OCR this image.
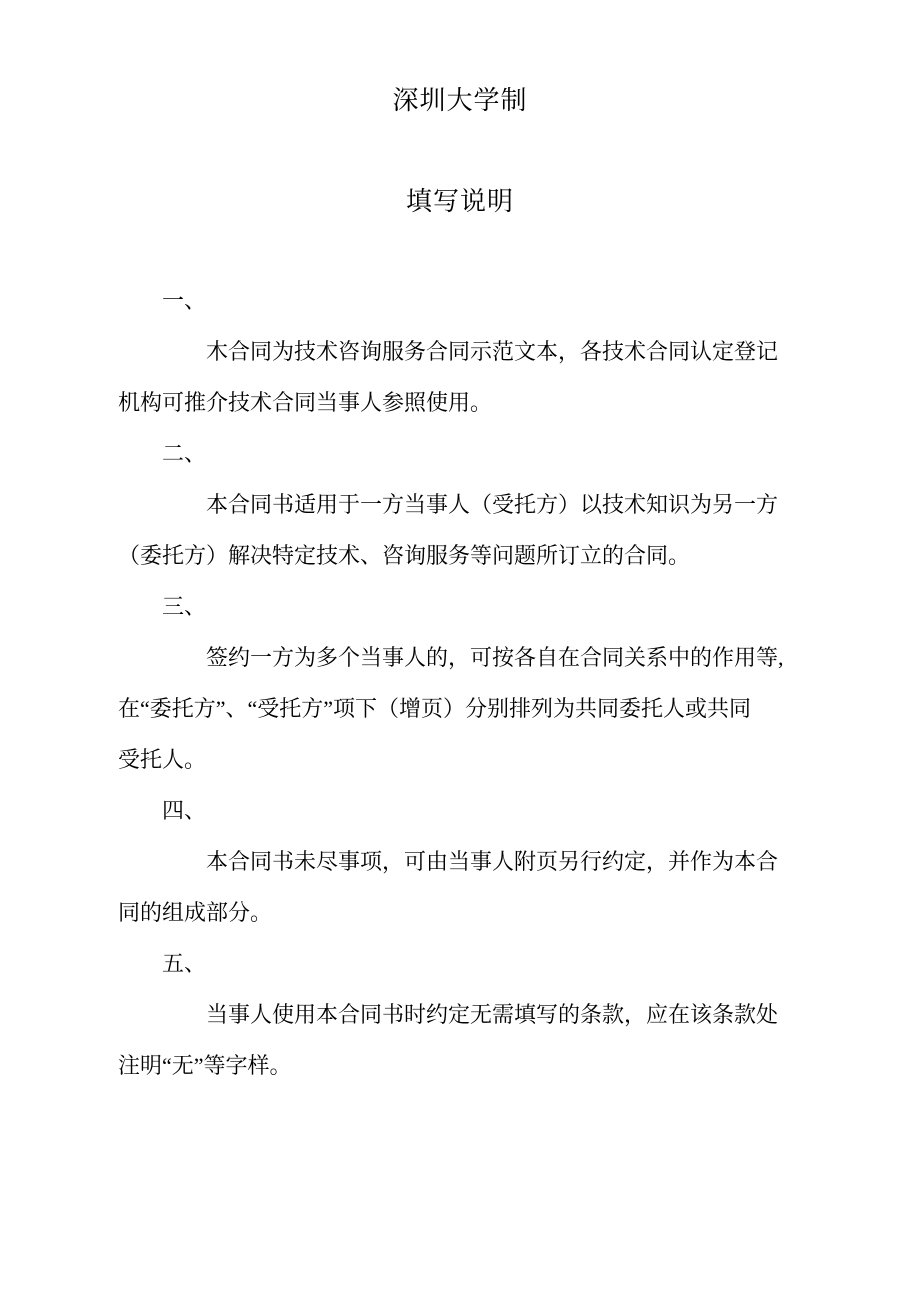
深圳大学制
填写说明
一、
木合同为技术咨询服务合同示范文本，各技术合同认定登记
机构可推介技术合同当事人参照使用。
二、
本合同书适用于一方当事人（受托方）以技术知识为另一方
（委托方）解决特定技术、咨询服务等问题所订立的合同。
三、
签约一方为多个当事人的，可按各自在合同关系中的作用等,
在“委托方”、“受托方”项下（增页）分别排列为共同委托人或共同
受托人。
四、
本合同书未尽事项，可由当事人附页另行约定，并作为本合
同的组成部分。
五、
当事人使用本合同书时约定无需填写的条款，应在该条款处
注明“无”等字样。
